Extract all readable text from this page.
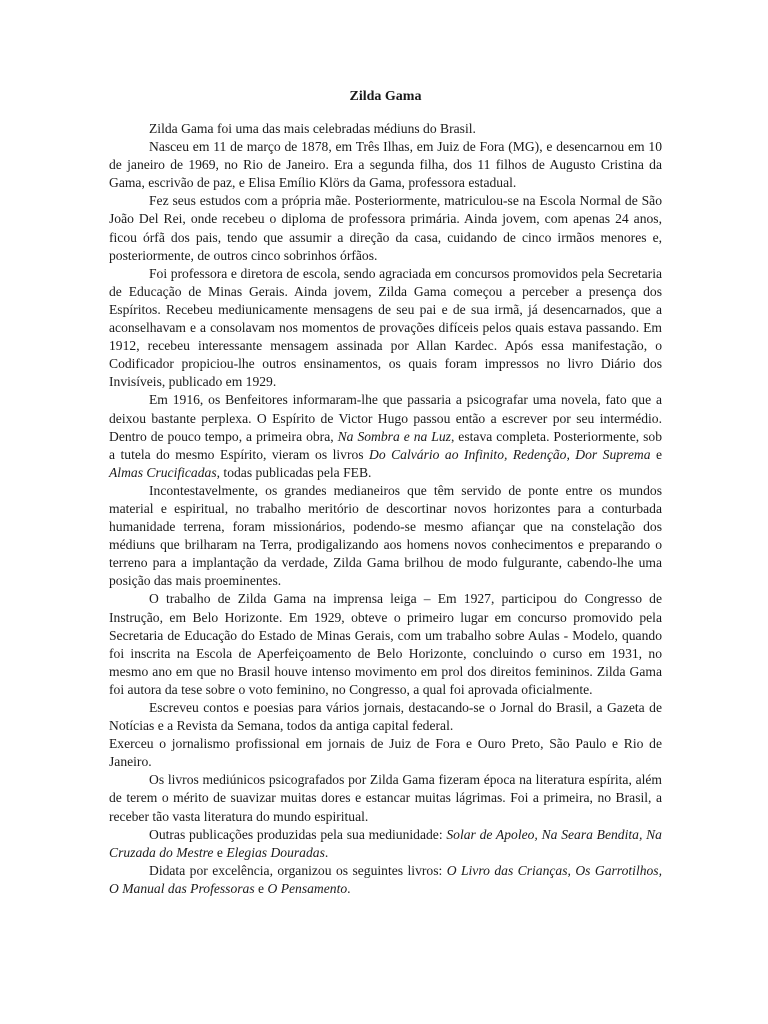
Zilda Gama

Zilda Gama foi uma das mais celebradas médiuns do Brasil.

Nasceu em 11 de março de 1878, em Três Ilhas, em Juiz de Fora (MG), e desencarnou em 10 de janeiro de 1969, no Rio de Janeiro. Era a segunda filha, dos 11 filhos de Augusto Cristina da Gama, escrivão de paz, e Elisa Emílio Klörs da Gama, professora estadual.

Fez seus estudos com a própria mãe. Posteriormente, matriculou-se na Escola Normal de São João Del Rei, onde recebeu o diploma de professora primária. Ainda jovem, com apenas 24 anos, ficou órfã dos pais, tendo que assumir a direção da casa, cuidando de cinco irmãos menores e, posteriormente, de outros cinco sobrinhos órfãos.

Foi professora e diretora de escola, sendo agraciada em concursos promovidos pela Secretaria de Educação de Minas Gerais. Ainda jovem, Zilda Gama começou a perceber a presença dos Espíritos. Recebeu mediunicamente mensagens de seu pai e de sua irmã, já desencarnados, que a aconselhavam e a consolavam nos momentos de provações difíceis pelos quais estava passando. Em 1912, recebeu interessante mensagem assinada por Allan Kardec. Após essa manifestação, o Codificador propiciou-lhe outros ensinamentos, os quais foram impressos no livro Diário dos Invisíveis, publicado em 1929.

Em 1916, os Benfeitores informaram-lhe que passaria a psicografar uma novela, fato que a deixou bastante perplexa. O Espírito de Victor Hugo passou então a escrever por seu intermédio. Dentro de pouco tempo, a primeira obra, Na Sombra e na Luz, estava completa. Posteriormente, sob a tutela do mesmo Espírito, vieram os livros Do Calvário ao Infinito, Redenção, Dor Suprema e Almas Crucificadas, todas publicadas pela FEB.

Incontestavelmente, os grandes medianeiros que têm servido de ponte entre os mundos material e espiritual, no trabalho meritório de descortinar novos horizontes para a conturbada humanidade terrena, foram missionários, podendo-se mesmo afiançar que na constelação dos médiuns que brilharam na Terra, prodigalizando aos homens novos conhecimentos e preparando o terreno para a implantação da verdade, Zilda Gama brilhou de modo fulgurante, cabendo-lhe uma posição das mais proeminentes.

O trabalho de Zilda Gama na imprensa leiga – Em 1927, participou do Congresso de Instrução, em Belo Horizonte. Em 1929, obteve o primeiro lugar em concurso promovido pela Secretaria de Educação do Estado de Minas Gerais, com um trabalho sobre Aulas - Modelo, quando foi inscrita na Escola de Aperfeiçoamento de Belo Horizonte, concluindo o curso em 1931, no mesmo ano em que no Brasil houve intenso movimento em prol dos direitos femininos. Zilda Gama foi autora da tese sobre o voto feminino, no Congresso, a qual foi aprovada oficialmente.

Escreveu contos e poesias para vários jornais, destacando-se o Jornal do Brasil, a Gazeta de Notícias e a Revista da Semana, todos da antiga capital federal.

Exerceu o jornalismo profissional em jornais de Juiz de Fora e Ouro Preto, São Paulo e Rio de Janeiro.

Os livros mediúnicos psicografados por Zilda Gama fizeram época na literatura espírita, além de terem o mérito de suavizar muitas dores e estancar muitas lágrimas. Foi a primeira, no Brasil, a receber tão vasta literatura do mundo espiritual.

Outras publicações produzidas pela sua mediunidade: Solar de Apoleo, Na Seara Bendita, Na Cruzada do Mestre e Elegias Douradas.

Didata por excelência, organizou os seguintes livros: O Livro das Crianças, Os Garrotilhos, O Manual das Professoras e O Pensamento.
